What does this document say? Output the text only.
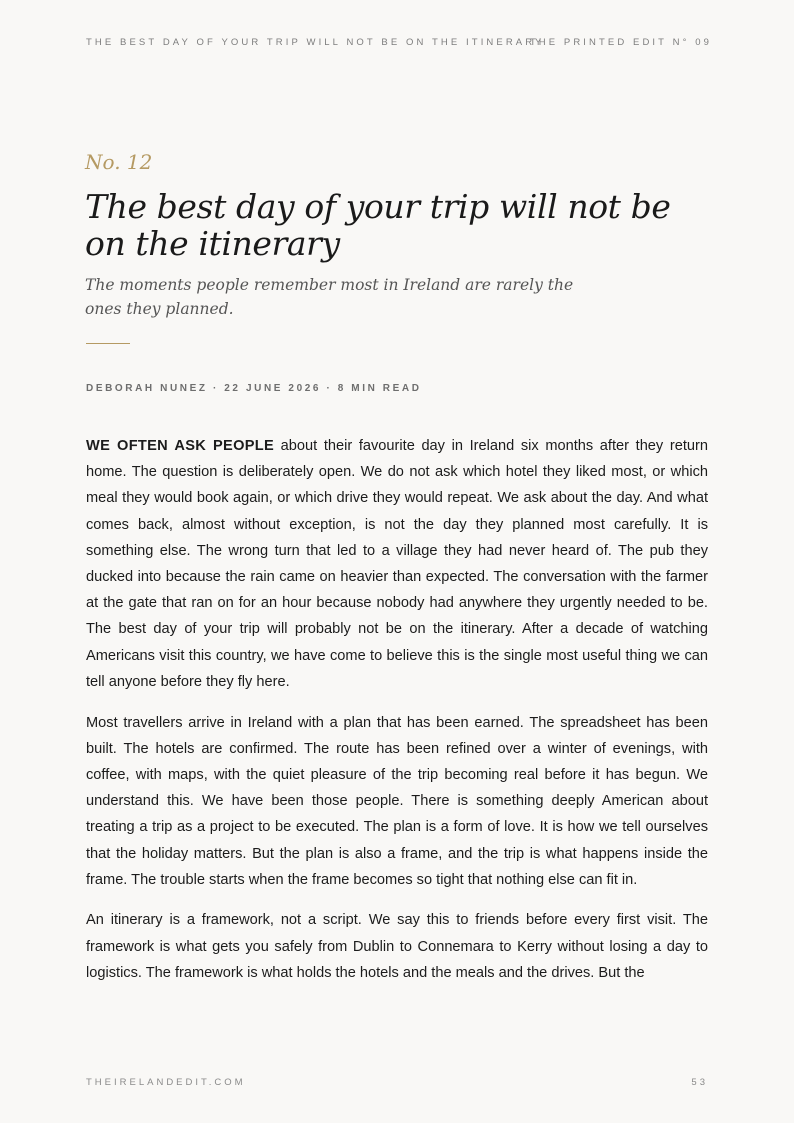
THE BEST DAY OF YOUR TRIP WILL NOT BE ON THE ITINERARY
THE PRINTED EDIT N° 09
No. 12
The best day of your trip will not be on the itinerary

The moments people remember most in Ireland are rarely the ones they planned.

DEBORAH NUNEZ · 22 JUNE 2026 · 8 MIN READ

WE OFTEN ASK PEOPLE about their favourite day in Ireland six months after they return home. The question is deliberately open. We do not ask which hotel they liked most, or which meal they would book again, or which drive they would repeat. We ask about the day. And what comes back, almost without exception, is not the day they planned most carefully. It is something else. The wrong turn that led to a village they had never heard of. The pub they ducked into because the rain came on heavier than expected. The conversation with the farmer at the gate that ran on for an hour because nobody had anywhere they urgently needed to be. The best day of your trip will probably not be on the itinerary. After a decade of watching Americans visit this country, we have come to believe this is the single most useful thing we can tell anyone before they fly here.

Most travellers arrive in Ireland with a plan that has been earned. The spreadsheet has been built. The hotels are confirmed. The route has been refined over a winter of evenings, with coffee, with maps, with the quiet pleasure of the trip becoming real before it has begun. We understand this. We have been those people. There is something deeply American about treating a trip as a project to be executed. The plan is a form of love. It is how we tell ourselves that the holiday matters. But the plan is also a frame, and the trip is what happens inside the frame. The trouble starts when the frame becomes so tight that nothing else can fit in.

An itinerary is a framework, not a script. We say this to friends before every first visit. The framework is what gets you safely from Dublin to Connemara to Kerry without losing a day to logistics. The framework is what holds the hotels and the meals and the drives. But the

THEIRELANDEDIT.COM	53
